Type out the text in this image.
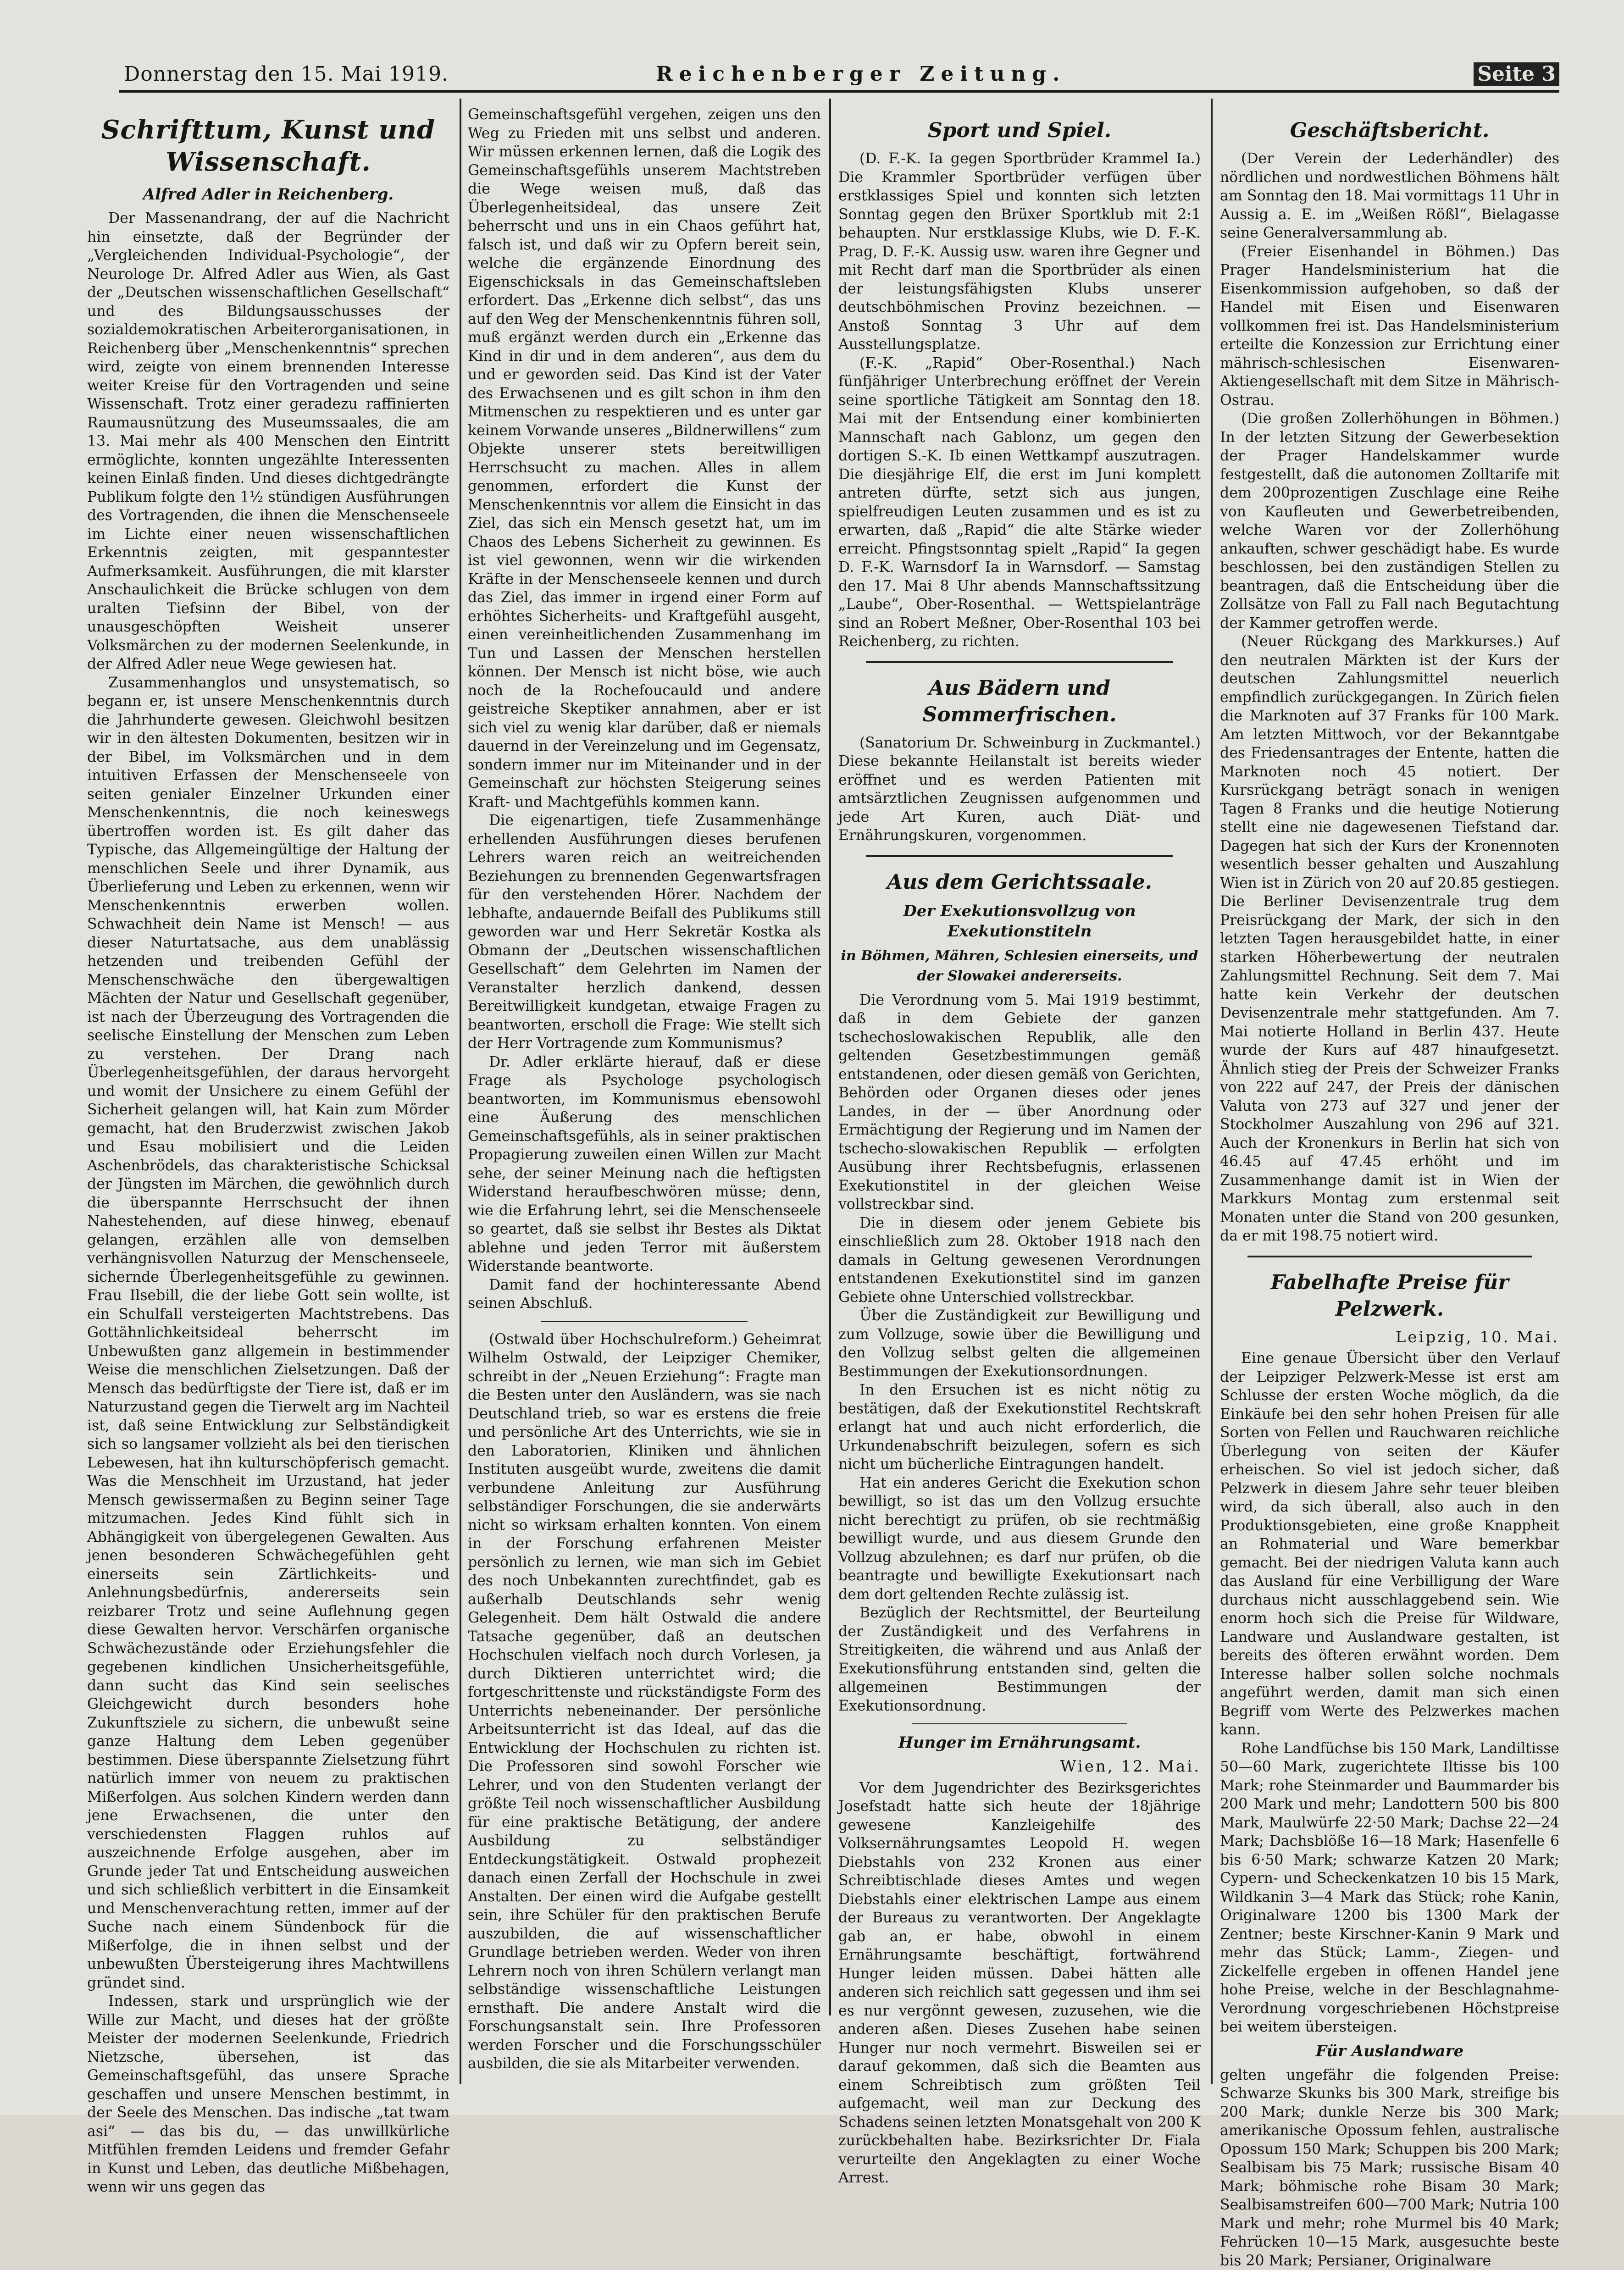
Donnerstag den 15. Mai 1919.	Reichenberger Zeitung.	Seite 3
Schrifttum, Kunst und Wissenschaft.
Alfred Adler in Reichenberg.

Der Massenandrang, der auf die Nachricht hin einsetzte, daß der Begründer der „Vergleichenden Individual-Psychologie“, der Neurologe Dr. Alfred Adler aus Wien, als Gast der „Deutschen wissenschaftlichen Gesellschaft“ und des Bildungsausschusses der sozialdemokratischen Arbeiterorganisationen, in Reichenberg über „Menschenkenntnis“ sprechen wird, zeigte von einem brennenden Interesse weiter Kreise für den Vortragenden und seine Wissenschaft. Trotz einer geradezu raffinierten Raumausnützung des Museumssaales, die am 13. Mai mehr als 400 Menschen den Eintritt ermöglichte, konnten ungezählte Interessenten keinen Einlaß finden. Und dieses dichtgedrängte Publikum folgte den 1½ stündigen Ausführungen des Vortragenden, die ihnen die Menschenseele im Lichte einer neuen wissenschaftlichen Erkenntnis zeigten, mit gespanntester Aufmerksamkeit. Ausführungen, die mit klarster Anschaulichkeit die Brücke schlugen von dem uralten Tiefsinn der Bibel, von der unausgeschöpften Weisheit unserer Volksmärchen zu der modernen Seelenkunde, in der Alfred Adler neue Wege gewiesen hat.

Zusammenhanglos und unsystematisch, so begann er, ist unsere Menschenkenntnis durch die Jahrhunderte gewesen. Gleichwohl besitzen wir in den ältesten Dokumenten, besitzen wir in der Bibel, im Volksmärchen und in dem intuitiven Erfassen der Menschenseele von seiten genialer Einzelner Urkunden einer Menschenkenntnis, die noch keineswegs übertroffen worden ist. Es gilt daher das Typische, das Allgemeingültige der Haltung der menschlichen Seele und ihrer Dynamik, aus Überlieferung und Leben zu erkennen, wenn wir Menschenkenntnis erwerben wollen. Schwachheit dein Name ist Mensch! — aus dieser Naturtatsache, aus dem unablässig hetzenden und treibenden Gefühl der Menschenschwäche den übergewaltigen Mächten der Natur und Gesellschaft gegenüber, ist nach der Überzeugung des Vortragenden die seelische Einstellung der Menschen zum Leben zu verstehen. Der Drang nach Überlegenheitsgefühlen, der daraus hervorgeht und womit der Unsichere zu einem Gefühl der Sicherheit gelangen will, hat Kain zum Mörder gemacht, hat den Bruderzwist zwischen Jakob und Esau mobilisiert und die Leiden Aschenbrödels, das charakteristische Schicksal der Jüngsten im Märchen, die gewöhnlich durch die überspannte Herrschsucht der ihnen Nahestehenden, auf diese hinweg, ebenauf gelangen, erzählen alle von demselben verhängnisvollen Naturzug der Menschenseele, sichernde Überlegenheitsgefühle zu gewinnen. Frau Ilsebill, die der liebe Gott sein wollte, ist ein Schulfall versteigerten Machtstrebens. Das Gottähnlichkeitsideal beherrscht im Unbewußten ganz allgemein in bestimmender Weise die menschlichen Zielsetzungen. Daß der Mensch das bedürftigste der Tiere ist, daß er im Naturzustand gegen die Tierwelt arg im Nachteil ist, daß seine Entwicklung zur Selbständigkeit sich so langsamer vollzieht als bei den tierischen Lebewesen, hat ihn kulturschöpferisch gemacht. Was die Menschheit im Urzustand, hat jeder Mensch gewissermaßen zu Beginn seiner Tage mitzumachen. Jedes Kind fühlt sich in Abhängigkeit von übergelegenen Gewalten. Aus jenen besonderen Schwächegefühlen geht einerseits sein Zärtlichkeits- und Anlehnungsbedürfnis, andererseits sein reizbarer Trotz und seine Auflehnung gegen diese Gewalten hervor. Verschärfen organische Schwächezustände oder Erziehungsfehler die gegebenen kindlichen Unsicherheitsgefühle, dann sucht das Kind sein seelisches Gleichgewicht durch besonders hohe Zukunftsziele zu sichern, die unbewußt seine ganze Haltung dem Leben gegenüber bestimmen. Diese überspannte Zielsetzung führt natürlich immer von neuem zu praktischen Mißerfolgen. Aus solchen Kindern werden dann jene Erwachsenen, die unter den verschiedensten Flaggen ruhlos auf auszeichnende Erfolge ausgehen, aber im Grunde jeder Tat und Entscheidung ausweichen und sich schließlich verbittert in die Einsamkeit und Menschenverachtung retten, immer auf der Suche nach einem Sündenbock für die Mißerfolge, die in ihnen selbst und der unbewußten Übersteigerung ihres Machtwillens gründet sind.

Indessen, stark und ursprünglich wie der Wille zur Macht, und dieses hat der größte Meister der modernen Seelenkunde, Friedrich Nietzsche, übersehen, ist das Gemeinschaftsgefühl, das unsere Sprache geschaffen und unsere Menschen bestimmt, in der Seele des Menschen. Das indische „tat twam asi“ — das bis du, — das unwillkürliche Mitfühlen fremden Leidens und fremder Gefahr in Kunst und Leben, das deutliche Mißbehagen, wenn wir uns gegen das

Gemeinschaftsgefühl vergehen, zeigen uns den Weg zu Frieden mit uns selbst und anderen. Wir müssen erkennen lernen, daß die Logik des Gemeinschaftsgefühls unserem Machtstreben die Wege weisen muß, daß das Überlegenheitsideal, das unsere Zeit beherrscht und uns in ein Chaos geführt hat, falsch ist, und daß wir zu Opfern bereit sein, welche die ergänzende Einordnung des Eigenschicksals in das Gemeinschaftsleben erfordert. Das „Erkenne dich selbst“, das uns auf den Weg der Menschenkenntnis führen soll, muß ergänzt werden durch ein „Erkenne das Kind in dir und in dem anderen“, aus dem du und er geworden seid. Das Kind ist der Vater des Erwachsenen und es gilt schon in ihm den Mitmenschen zu respektieren und es unter gar keinem Vorwande unseres „Bildnerwillens“ zum Objekte unserer stets bereitwilligen Herrschsucht zu machen. Alles in allem genommen, erfordert die Kunst der Menschenkenntnis vor allem die Einsicht in das Ziel, das sich ein Mensch gesetzt hat, um im Chaos des Lebens Sicherheit zu gewinnen. Es ist viel gewonnen, wenn wir die wirkenden Kräfte in der Menschenseele kennen und durch das Ziel, das immer in irgend einer Form auf erhöhtes Sicherheits- und Kraftgefühl ausgeht, einen vereinheitlichenden Zusammenhang im Tun und Lassen der Menschen herstellen können. Der Mensch ist nicht böse, wie auch noch de la Rochefoucauld und andere geistreiche Skeptiker annahmen, aber er ist sich viel zu wenig klar darüber, daß er niemals dauernd in der Vereinzelung und im Gegensatz, sondern immer nur im Miteinander und in der Gemeinschaft zur höchsten Steigerung seines Kraft- und Machtgefühls kommen kann.

Die eigenartigen, tiefe Zusammenhänge erhellenden Ausführungen dieses berufenen Lehrers waren reich an weitreichenden Beziehungen zu brennenden Gegenwartsfragen für den verstehenden Hörer. Nachdem der lebhafte, andauernde Beifall des Publikums still geworden war und Herr Sekretär Kostka als Obmann der „Deutschen wissenschaftlichen Gesellschaft“ dem Gelehrten im Namen der Veranstalter herzlich dankend, dessen Bereitwilligkeit kundgetan, etwaige Fragen zu beantworten, erscholl die Frage: Wie stellt sich der Herr Vortragende zum Kommunismus?

Dr. Adler erklärte hierauf, daß er diese Frage als Psychologe psychologisch beantworten, im Kommunismus ebensowohl eine Äußerung des menschlichen Gemeinschaftsgefühls, als in seiner praktischen Propagierung zuweilen einen Willen zur Macht sehe, der seiner Meinung nach die heftigsten Widerstand heraufbeschwören müsse; denn, wie die Erfahrung lehrt, sei die Menschenseele so geartet, daß sie selbst ihr Bestes als Diktat ablehne und jeden Terror mit äußerstem Widerstande beantworte.

Damit fand der hochinteressante Abend seinen Abschluß.

(Ostwald über Hochschulreform.) Geheimrat Wilhelm Ostwald, der Leipziger Chemiker, schreibt in der „Neuen Erziehung“: Fragte man die Besten unter den Ausländern, was sie nach Deutschland trieb, so war es erstens die freie und persönliche Art des Unterrichts, wie sie in den Laboratorien, Kliniken und ähnlichen Instituten ausgeübt wurde, zweitens die damit verbundene Anleitung zur Ausführung selbständiger Forschungen, die sie anderwärts nicht so wirksam erhalten konnten. Von einem in der Forschung erfahrenen Meister persönlich zu lernen, wie man sich im Gebiet des noch Unbekannten zurechtfindet, gab es außerhalb Deutschlands sehr wenig Gelegenheit. Dem hält Ostwald die andere Tatsache gegenüber, daß an deutschen Hochschulen vielfach noch durch Vorlesen, ja durch Diktieren unterrichtet wird; die fortgeschrittenste und rückständigste Form des Unterrichts nebeneinander. Der persönliche Arbeitsunterricht ist das Ideal, auf das die Entwicklung der Hochschulen zu richten ist. Die Professoren sind sowohl Forscher wie Lehrer, und von den Studenten verlangt der größte Teil noch wissenschaftlicher Ausbildung für eine praktische Betätigung, der andere Ausbildung zu selbständiger Entdeckungstätigkeit. Ostwald prophezeit danach einen Zerfall der Hochschule in zwei Anstalten. Der einen wird die Aufgabe gestellt sein, ihre Schüler für den praktischen Berufe auszubilden, die auf wissenschaftlicher Grundlage betrieben werden. Weder von ihren Lehrern noch von ihren Schülern verlangt man selbständige wissenschaftliche Leistungen ernsthaft. Die andere Anstalt wird die Forschungsanstalt sein. Ihre Professoren werden Forscher und die Forschungsschüler ausbilden, die sie als Mitarbeiter verwenden.

Sport und Spiel.

(D. F.-K. Ia gegen Sportbrüder Krammel Ia.) Die Krammler Sportbrüder verfügen über erstklassiges Spiel und konnten sich letzten Sonntag gegen den Brüxer Sportklub mit 2:1 behaupten. Nur erstklassige Klubs, wie D. F.-K. Prag, D. F.-K. Aussig usw. waren ihre Gegner und mit Recht darf man die Sportbrüder als einen der leistungsfähigsten Klubs unserer deutschböhmischen Provinz bezeichnen. — Anstoß Sonntag 3 Uhr auf dem Ausstellungsplatze.

(F.-K. „Rapid“ Ober-Rosenthal.) Nach fünfjähriger Unterbrechung eröffnet der Verein seine sportliche Tätigkeit am Sonntag den 18. Mai mit der Entsendung einer kombinierten Mannschaft nach Gablonz, um gegen den dortigen S.-K. Ib einen Wettkampf auszutragen. Die diesjährige Elf, die erst im Juni komplett antreten dürfte, setzt sich aus jungen, spielfreudigen Leuten zusammen und es ist zu erwarten, daß „Rapid“ die alte Stärke wieder erreicht. Pfingstsonntag spielt „Rapid“ Ia gegen D. F.-K. Warnsdorf Ia in Warnsdorf. — Samstag den 17. Mai 8 Uhr abends Mannschaftssitzung „Laube“, Ober-Rosenthal. — Wettspielanträge sind an Robert Meßner, Ober-Rosenthal 103 bei Reichenberg, zu richten.

Aus Bädern und Sommerfrischen.

(Sanatorium Dr. Schweinburg in Zuckmantel.) Diese bekannte Heilanstalt ist bereits wieder eröffnet und es werden Patienten mit amtsärztlichen Zeugnissen aufgenommen und jede Art Kuren, auch Diät- und Ernährungskuren, vorgenommen.

Aus dem Gerichtssaale.
Der Exekutionsvollzug von Exekutionstiteln
in Böhmen, Mähren, Schlesien einerseits, und der Slowakei andererseits.

Die Verordnung vom 5. Mai 1919 bestimmt, daß in dem Gebiete der ganzen tschechoslowakischen Republik, alle den geltenden Gesetzbestimmungen gemäß entstandenen, oder diesen gemäß von Gerichten, Behörden oder Organen dieses oder jenes Landes, in der — über Anordnung oder Ermächtigung der Regierung und im Namen der tschecho-slowakischen Republik — erfolgten Ausübung ihrer Rechtsbefugnis, erlassenen Exekutionstitel in der gleichen Weise vollstreckbar sind.

Die in diesem oder jenem Gebiete bis einschließlich zum 28. Oktober 1918 nach den damals in Geltung gewesenen Verordnungen entstandenen Exekutionstitel sind im ganzen Gebiete ohne Unterschied vollstreckbar.

Über die Zuständigkeit zur Bewilligung und zum Vollzuge, sowie über die Bewilligung und den Vollzug selbst gelten die allgemeinen Bestimmungen der Exekutionsordnungen.

In den Ersuchen ist es nicht nötig zu bestätigen, daß der Exekutionstitel Rechtskraft erlangt hat und auch nicht erforderlich, die Urkundenabschrift beizulegen, sofern es sich nicht um bücherliche Eintragungen handelt.

Hat ein anderes Gericht die Exekution schon bewilligt, so ist das um den Vollzug ersuchte nicht berechtigt zu prüfen, ob sie rechtmäßig bewilligt wurde, und aus diesem Grunde den Vollzug abzulehnen; es darf nur prüfen, ob die beantragte und bewilligte Exekutionsart nach dem dort geltenden Rechte zulässig ist.

Bezüglich der Rechtsmittel, der Beurteilung der Zuständigkeit und des Verfahrens in Streitigkeiten, die während und aus Anlaß der Exekutionsführung entstanden sind, gelten die allgemeinen Bestimmungen der Exekutionsordnung.

Hunger im Ernährungsamt.
Wien, 12. Mai.

Vor dem Jugendrichter des Bezirksgerichtes Josefstadt hatte sich heute der 18jährige gewesene Kanzleigehilfe des Volksernährungsamtes Leopold H. wegen Diebstahls von 232 Kronen aus einer Schreibtischlade dieses Amtes und wegen Diebstahls einer elektrischen Lampe aus einem der Bureaus zu verantworten. Der Angeklagte gab an, er habe, obwohl in einem Ernährungsamte beschäftigt, fortwährend Hunger leiden müssen. Dabei hätten alle anderen sich reichlich satt gegessen und ihm sei es nur vergönnt gewesen, zuzusehen, wie die anderen aßen. Dieses Zusehen habe seinen Hunger nur noch vermehrt. Bisweilen sei er darauf gekommen, daß sich die Beamten aus einem Schreibtisch zum größten Teil aufgemacht, weil man zur Deckung des Schadens seinen letzten Monatsgehalt von 200 K zurückbehalten habe. Bezirksrichter Dr. Fiala verurteilte den Angeklagten zu einer Woche Arrest.

Geschäftsbericht.

(Der Verein der Lederhändler) des nördlichen und nordwestlichen Böhmens hält am Sonntag den 18. Mai vormittags 11 Uhr in Aussig a. E. im „Weißen Rößl“, Bielagasse seine Generalversammlung ab.

(Freier Eisenhandel in Böhmen.) Das Prager Handelsministerium hat die Eisenkommission aufgehoben, so daß der Handel mit Eisen und Eisenwaren vollkommen frei ist. Das Handelsministerium erteilte die Konzession zur Errichtung einer mährisch-schlesischen Eisenwaren-Aktiengesellschaft mit dem Sitze in Mährisch-Ostrau.

(Die großen Zollerhöhungen in Böhmen.) In der letzten Sitzung der Gewerbesektion der Prager Handelskammer wurde festgestellt, daß die autonomen Zolltarife mit dem 200prozentigen Zuschlage eine Reihe von Kaufleuten und Gewerbetreibenden, welche Waren vor der Zollerhöhung ankauften, schwer geschädigt habe. Es wurde beschlossen, bei den zuständigen Stellen zu beantragen, daß die Entscheidung über die Zollsätze von Fall zu Fall nach Begutachtung der Kammer getroffen werde.

(Neuer Rückgang des Markkurses.) Auf den neutralen Märkten ist der Kurs der deutschen Zahlungsmittel neuerlich empfindlich zurückgegangen. In Zürich fielen die Marknoten auf 37 Franks für 100 Mark. Am letzten Mittwoch, vor der Bekanntgabe des Friedensantrages der Entente, hatten die Marknoten noch 45 notiert. Der Kursrückgang beträgt sonach in wenigen Tagen 8 Franks und die heutige Notierung stellt eine nie dagewesenen Tiefstand dar. Dagegen hat sich der Kurs der Kronennoten wesentlich besser gehalten und Auszahlung Wien ist in Zürich von 20 auf 20.85 gestiegen. Die Berliner Devisenzentrale trug dem Preisrückgang der Mark, der sich in den letzten Tagen herausgebildet hatte, in einer starken Höherbewertung der neutralen Zahlungsmittel Rechnung. Seit dem 7. Mai hatte kein Verkehr der deutschen Devisenzentrale mehr stattgefunden. Am 7. Mai notierte Holland in Berlin 437. Heute wurde der Kurs auf 487 hinaufgesetzt. Ähnlich stieg der Preis der Schweizer Franks von 222 auf 247, der Preis der dänischen Valuta von 273 auf 327 und jener der Stockholmer Auszahlung von 296 auf 321. Auch der Kronenkurs in Berlin hat sich von 46.45 auf 47.45 erhöht und im Zusammenhange damit ist in Wien der Markkurs Montag zum erstenmal seit Monaten unter die Stand von 200 gesunken, da er mit 198.75 notiert wird.

Fabelhafte Preise für Pelzwerk.
Leipzig, 10. Mai.

Eine genaue Übersicht über den Verlauf der Leipziger Pelzwerk-Messe ist erst am Schlusse der ersten Woche möglich, da die Einkäufe bei den sehr hohen Preisen für alle Sorten von Fellen und Rauchwaren reichliche Überlegung von seiten der Käufer erheischen. So viel ist jedoch sicher, daß Pelzwerk in diesem Jahre sehr teuer bleiben wird, da sich überall, also auch in den Produktionsgebieten, eine große Knappheit an Rohmaterial und Ware bemerkbar gemacht. Bei der niedrigen Valuta kann auch das Ausland für eine Verbilligung der Ware durchaus nicht ausschlaggebend sein. Wie enorm hoch sich die Preise für Wildware, Landware und Auslandware gestalten, ist bereits des öfteren erwähnt worden. Dem Interesse halber sollen solche nochmals angeführt werden, damit man sich einen Begriff vom Werte des Pelzwerkes machen kann.

Rohe Landfüchse bis 150 Mark, Landiltisse 50—60 Mark, zugerichtete Iltisse bis 100 Mark; rohe Steinmarder und Baummarder bis 200 Mark und mehr; Landottern 500 bis 800 Mark, Maulwürfe 22·50 Mark; Dachse 22—24 Mark; Dachsblöße 16—18 Mark; Hasenfelle 6 bis 6·50 Mark; schwarze Katzen 20 Mark; Cypern- und Scheckenkatzen 10 bis 15 Mark, Wildkanin 3—4 Mark das Stück; rohe Kanin, Originalware 1200 bis 1300 Mark der Zentner; beste Kirschner-Kanin 9 Mark und mehr das Stück; Lamm-, Ziegen- und Zickelfelle ergeben in offenen Handel jene hohe Preise, welche in der Beschlagnahme-Verordnung vorgeschriebenen Höchstpreise bei weitem übersteigen.

Für Auslandware

gelten ungefähr die folgenden Preise: Schwarze Skunks bis 300 Mark, streifige bis 200 Mark; dunkle Nerze bis 300 Mark; amerikanische Opossum fehlen, australische Opossum 150 Mark; Schuppen bis 200 Mark; Sealbisam bis 75 Mark; russische Bisam 40 Mark; böhmische rohe Bisam 30 Mark; Sealbisamstreifen 600—700 Mark; Nutria 100 Mark und mehr; rohe Murmel bis 40 Mark; Fehrücken 10—15 Mark, ausgesuchte beste bis 20 Mark; Persianer, Originalware
